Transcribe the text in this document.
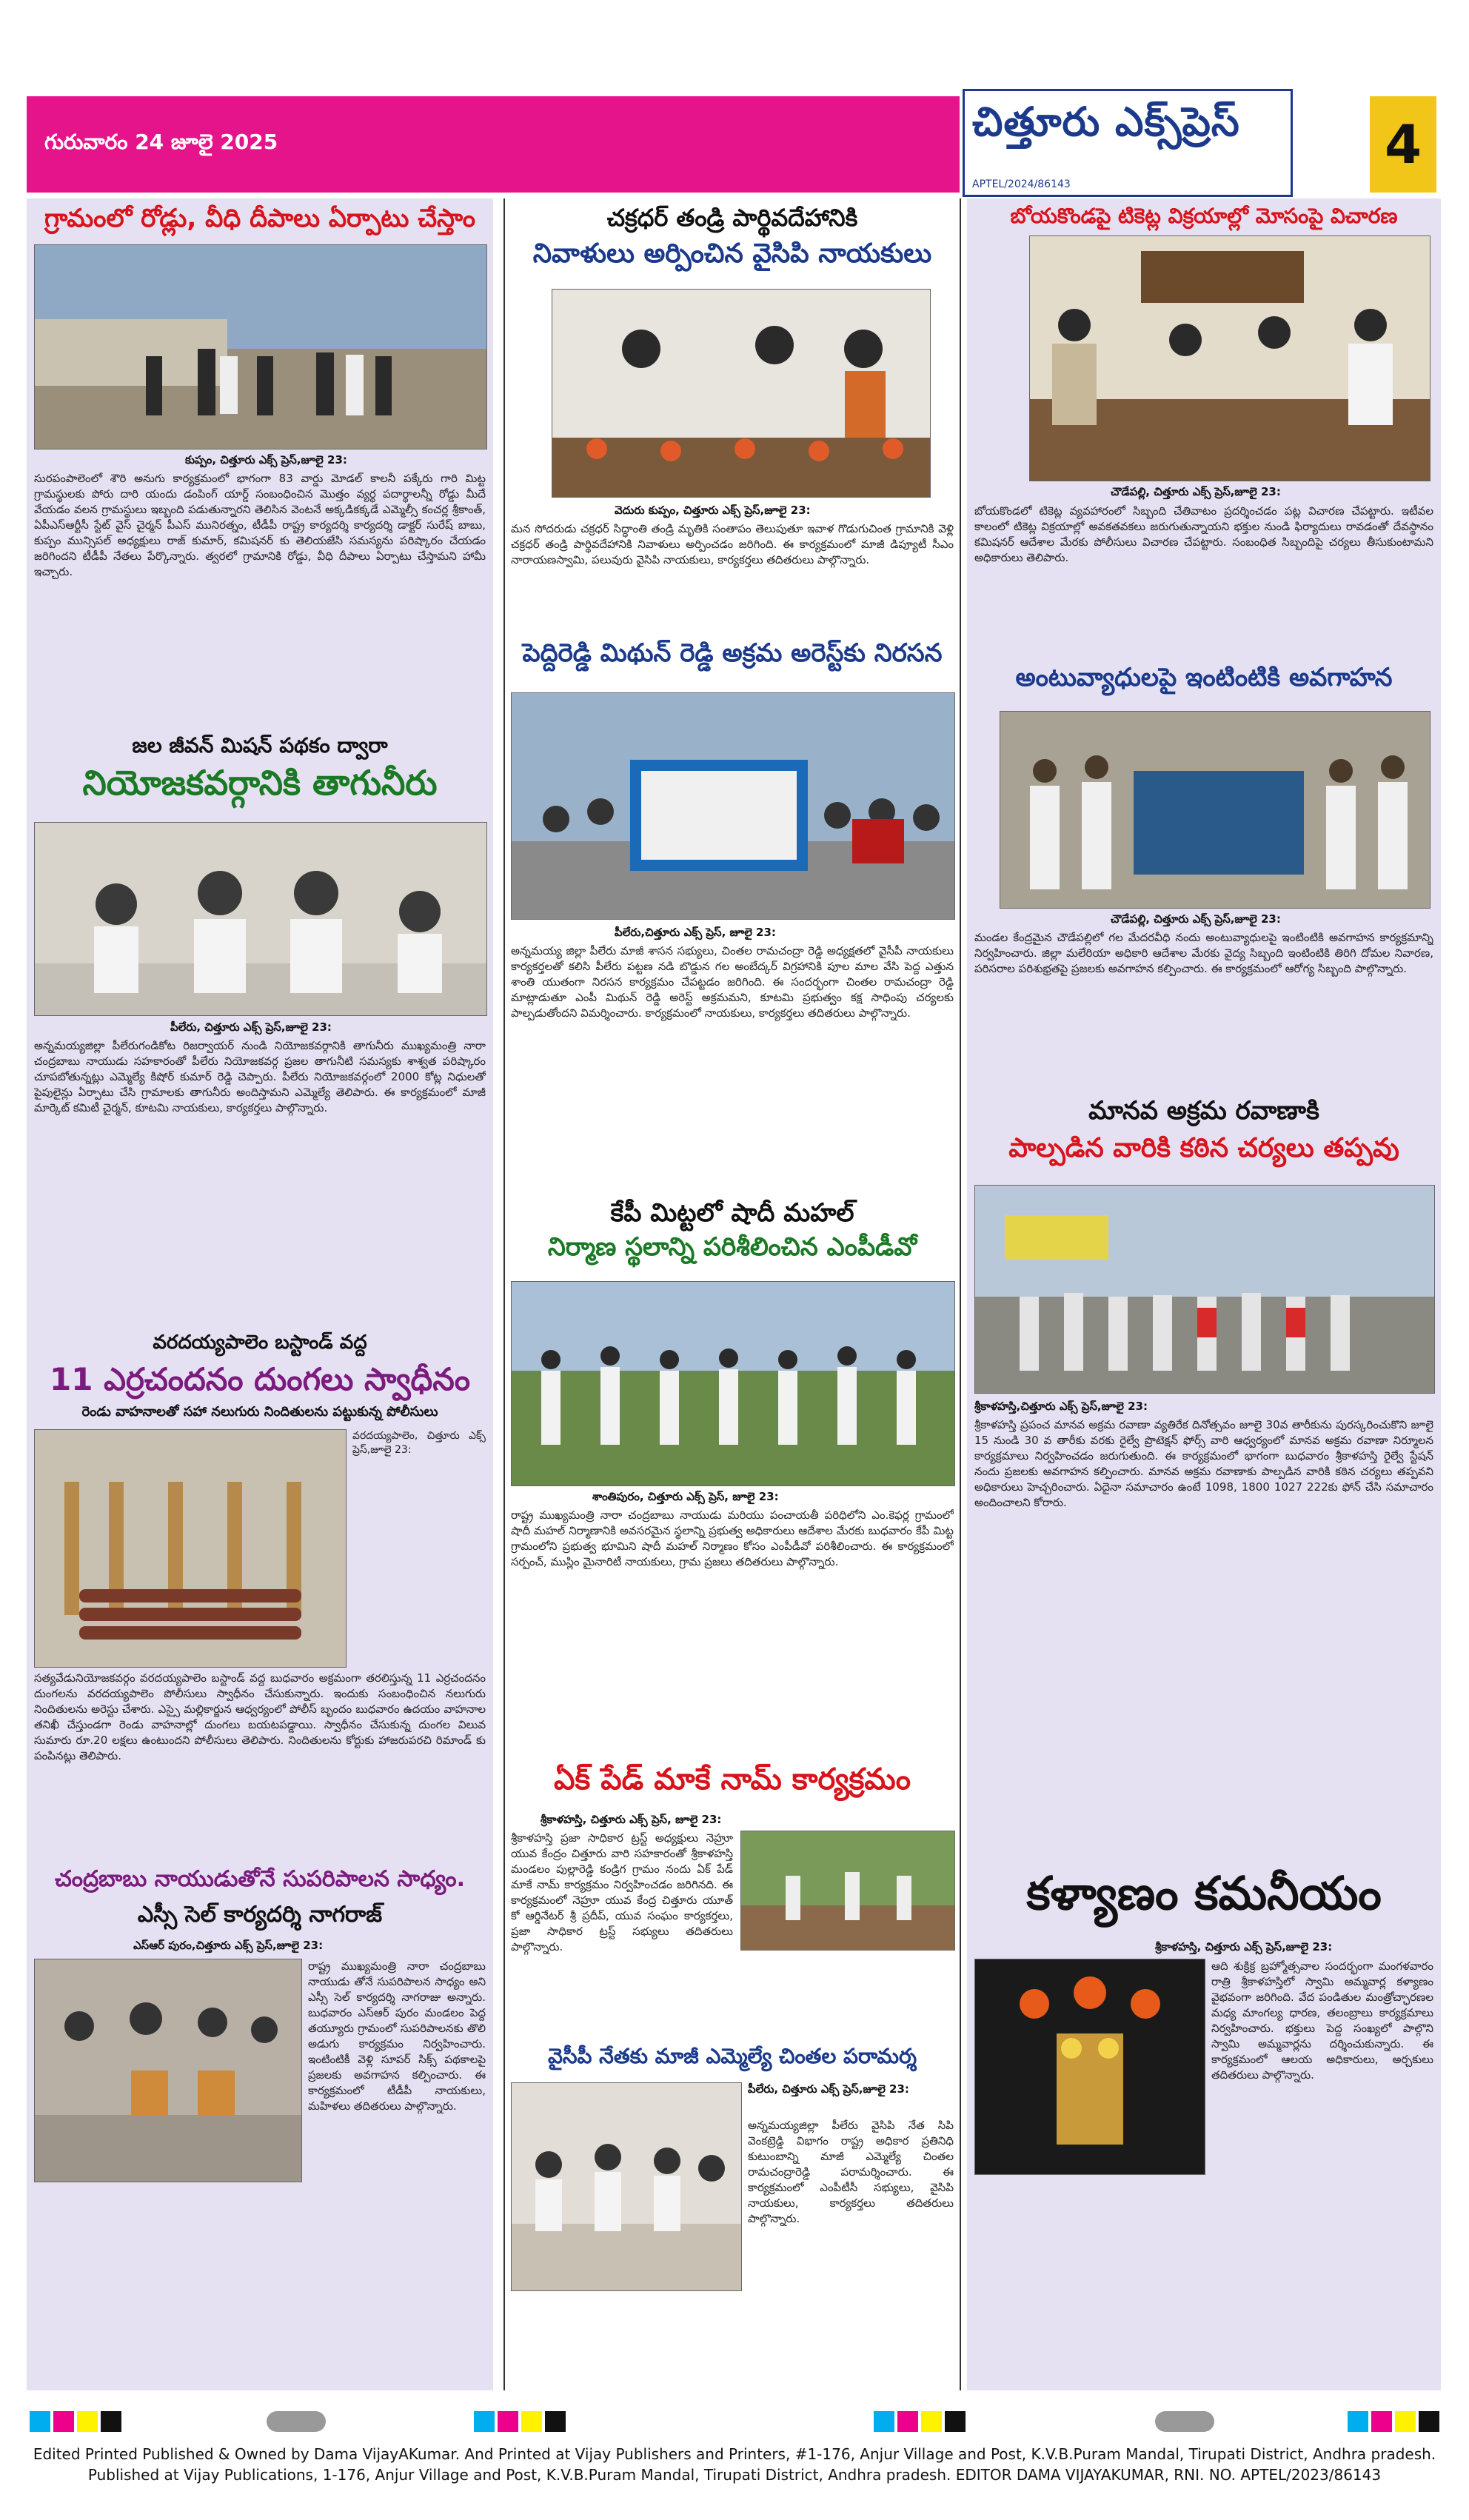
గురువారం 24 జూలై 2025	చిత్తూరు ఎక్స్‌ప్రెస్
APTEL/2024/86143
4
గ్రామంలో రోడ్లు, వీధి దీపాలు ఏర్పాటు చేస్తాం
కుప్పం, చిత్తూరు ఎక్స్ ప్రెస్,జూలై 23:
సురపంపాలెంలో శౌరి అనుగు కార్యక్రమంలో భాగంగా 83 వార్డు మోడల్ కాలనీ పక్కేరు గారి మిట్ట గ్రామస్థులకు పోరు దారి యందు డంపింగ్ యార్డ్ సంబంధించిన మొత్తం వ్యర్థ పదార్థాలన్నీ రోడ్డు మీదే వేయడం వలన గ్రామస్థులు ఇబ్బంది పడుతున్నారని తెలిసిన వెంటనే అక్కడికక్కడే ఎమ్మెల్సీ కంచర్ల శ్రీకాంత్, ఏపీఎస్ఆర్టీసీ స్టేట్ వైస్ చైర్మన్ పీఎస్ మునిరత్నం, టీడీపీ రాష్ట్ర కార్యదర్శి కార్యదర్శి డాక్టర్ సురేష్ బాబు, కుప్పం మున్సిపల్ అధ్యక్షులు రాజ్ కుమార్, కమిషనర్ కు తెలియజేసి సమస్యను పరిష్కారం చేయడం జరిగిందని టీడీపీ నేతలు పేర్కొన్నారు. త్వరలో గ్రామానికి రోడ్డు, వీధి దీపాలు ఏర్పాటు చేస్తామని హామీ ఇచ్చారు.
జల జీవన్ మిషన్ పథకం ద్వారా
నియోజకవర్గానికి తాగునీరు
పీలేరు, చిత్తూరు ఎక్స్ ప్రెస్,జూలై 23:
అన్నమయ్యజిల్లా పీలేరుగండికోట రిజర్వాయర్ నుండి నియోజకవర్గానికి తాగునీరు ముఖ్యమంత్రి నారా చంద్రబాబు నాయుడు సహకారంతో పీలేరు నియోజకవర్గ ప్రజల తాగునీటి సమస్యకు శాశ్వత పరిష్కారం చూపబోతున్నట్లు ఎమ్మెల్యే కిషోర్ కుమార్ రెడ్డి చెప్పారు. పీలేరు నియోజకవర్గంలో 2000 కోట్ల నిధులతో పైపులైన్లు ఏర్పాటు చేసి గ్రామాలకు తాగునీరు అందిస్తామని ఎమ్మెల్యే తెలిపారు. ఈ కార్యక్రమంలో మాజీ మార్కెట్ కమిటీ చైర్మన్, కూటమి నాయకులు, కార్యకర్తలు పాల్గొన్నారు.
వరదయ్యపాలెం బస్టాండ్ వద్ద
11 ఎర్రచందనం దుంగలు స్వాధీనం
రెండు వాహనాలతో సహా నలుగురు నిందితులను పట్టుకున్న పోలీసులు
వరదయ్యపాలెం, చిత్తూరు ఎక్స్ ప్రెస్,జూలై 23:
సత్యవేడునియోజకవర్గం వరదయ్యపాలెం బస్టాండ్ వద్ద బుధవారం అక్రమంగా తరలిస్తున్న 11 ఎర్రచందనం దుంగలను వరదయ్యపాలెం పోలీసులు స్వాధీనం చేసుకున్నారు. ఇందుకు సంబంధించిన నలుగురు నిందితులను అరెస్టు చేశారు. ఎస్సై మల్లికార్జున ఆధ్వర్యంలో పోలీస్ బృందం బుధవారం ఉదయం వాహనాల తనిఖీ చేస్తుండగా రెండు వాహనాల్లో దుంగలు బయటపడ్డాయి. స్వాధీనం చేసుకున్న దుంగల విలువ సుమారు రూ.20 లక్షలు ఉంటుందని పోలీసులు తెలిపారు. నిందితులను కోర్టుకు హాజరుపరచి రిమాండ్ కు పంపినట్లు తెలిపారు.
చంద్రబాబు నాయుడుతోనే సుపరిపాలన సాధ్యం.
ఎస్సీ సెల్ కార్యదర్శి నాగరాజ్
ఎస్ఆర్ పురం,చిత్తూరు ఎక్స్ ప్రెస్,జూలై 23:
రాష్ట్ర ముఖ్యమంత్రి నారా చంద్రబాబు నాయుడు తోనే సుపరిపాలన సాధ్యం అని ఎస్సీ సెల్ కార్యదర్శి నాగరాజు అన్నారు. బుధవారం ఎస్ఆర్ పురం మండలం పెద్ద తయ్యూరు గ్రామంలో సుపరిపాలనకు తొలి అడుగు కార్యక్రమం నిర్వహించారు. ఇంటింటికీ వెళ్లి సూపర్ సిక్స్ పథకాలపై ప్రజలకు అవగాహన కల్పించారు. ఈ కార్యక్రమంలో టీడీపీ నాయకులు, మహిళలు తదితరులు పాల్గొన్నారు.
చక్రధర్ తండ్రి పార్థివదేహానికి
నివాళులు అర్పించిన వైసిపి నాయకులు
వెదురు కుప్పం, చిత్తూరు ఎక్స్ ప్రెస్,జూలై 23:
మన సోదరుడు చక్రధర్ సిద్ధాంతి తండ్రి మృతికి సంతాపం తెలుపుతూ ఇవాళ గొడుగుచింత గ్రామానికి వెళ్లి చక్రధర్ తండ్రి పార్థివదేహానికి నివాళులు అర్పించడం జరిగింది. ఈ కార్యక్రమంలో మాజీ డిప్యూటీ సీఎం నారాయణస్వామి, పలువురు వైసిపి నాయకులు, కార్యకర్తలు తదితరులు పాల్గొన్నారు.
పెద్దిరెడ్డి మిథున్ రెడ్డి అక్రమ అరెస్ట్‌కు నిరసన
పీలేరు,చిత్తూరు ఎక్స్ ప్రెస్, జూలై 23:
అన్నమయ్య జిల్లా పీలేరు మాజీ శాసన సభ్యులు, చింతల రామచంద్రా రెడ్డి అధ్యక్షతలో వైసీపీ నాయకులు కార్యకర్తలతో కలిసి పీలేరు పట్టణ నడి బొడ్డున గల అంబేద్కర్ విగ్రహానికి పూల మాల వేసి పెద్ద ఎత్తున శాంతి యుతంగా నిరసన కార్యక్రమం చేపట్టడం జరిగింది. ఈ సందర్భంగా చింతల రామచంద్రా రెడ్డి మాట్లాడుతూ ఎంపీ మిథున్ రెడ్డి అరెస్ట్ అక్రమమని, కూటమి ప్రభుత్వం కక్ష సాధింపు చర్యలకు పాల్పడుతోందని విమర్శించారు. కార్యక్రమంలో నాయకులు, కార్యకర్తలు తదితరులు పాల్గొన్నారు.
కేపీ మిట్టలో షాదీ మహల్
నిర్మాణ స్థలాన్ని పరిశీలించిన ఎంపీడీవో
శాంతిపురం, చిత్తూరు ఎక్స్ ప్రెస్, జూలై 23:
రాష్ట్ర ముఖ్యమంత్రి నారా చంద్రబాబు నాయుడు మరియు పంచాయతీ పరిధిలోని ఎం.కెఫర్ల గ్రామంలో షాదీ మహల్ నిర్మాణానికి అవసరమైన స్థలాన్ని ప్రభుత్వ అధికారులు ఆదేశాల మేరకు బుధవారం కేపీ మిట్ట గ్రామంలోని ప్రభుత్వ భూమిని షాదీ మహల్ నిర్మాణం కోసం ఎంపీడీవో పరిశీలించారు. ఈ కార్యక్రమంలో సర్పంచ్, ముస్లిం మైనారిటీ నాయకులు, గ్రామ ప్రజలు తదితరులు పాల్గొన్నారు.
ఏక్ పేడ్ మాకే నామ్ కార్యక్రమం
శ్రీకాళహస్తి, చిత్తూరు ఎక్స్ ప్రెస్, జూలై 23:
శ్రీకాళహస్తి ప్రజా సాధికార ట్రస్ట్ అధ్యక్షులు నెహ్రూ యువ కేంద్రం చిత్తూరు వారి సహకారంతో శ్రీకాళహస్తి మండలం పుల్లారెడ్డి కండ్రిగ గ్రామం నందు ఏక్ పేడ్ మాకే నామ్ కార్యక్రమం నిర్వహించడం జరిగినది. ఈ కార్యక్రమంలో నెహ్రూ యువ కేంద్ర చిత్తూరు యూత్ కో ఆర్డినేటర్ శ్రీ ప్రదీప్, యువ సంఘం కార్యకర్తలు, ప్రజా సాధికార ట్రస్ట్ సభ్యులు తదితరులు పాల్గొన్నారు.
వైసీపీ నేతకు మాజీ ఎమ్మెల్యే చింతల పరామర్శ
పీలేరు, చిత్తూరు ఎక్స్ ప్రెస్,జూలై 23:
అన్నమయ్యజిల్లా పీలేరు వైసిపి నేత సిపి వెంకట్రెడ్డి విభాగం రాష్ట్ర అధికార ప్రతినిధి కుటుంబాన్ని మాజీ ఎమ్మెల్యే చింతల రామచంద్రారెడ్డి పరామర్శించారు. ఈ కార్యక్రమంలో ఎంపీటీసీ సభ్యులు, వైసిపి నాయకులు, కార్యకర్తలు తదితరులు పాల్గొన్నారు.
బోయకొండపై టికెట్ల విక్రయాల్లో మోసంపై విచారణ
చౌడేపల్లి, చిత్తూరు ఎక్స్ ప్రెస్,జూలై 23:
బోయకొండలో టికెట్ల వ్యవహారంలో సిబ్బంది చేతివాటం ప్రదర్శించడం పట్ల విచారణ చేపట్టారు. ఇటీవల కాలంలో టికెట్ల విక్రయాల్లో అవకతవకలు జరుగుతున్నాయని భక్తుల నుండి ఫిర్యాదులు రావడంతో దేవస్థానం కమిషనర్ ఆదేశాల మేరకు పోలీసులు విచారణ చేపట్టారు. సంబంధిత సిబ్బందిపై చర్యలు తీసుకుంటామని అధికారులు తెలిపారు.
అంటువ్యాధులపై ఇంటింటికి అవగాహన
చౌడేపల్లి, చిత్తూరు ఎక్స్ ప్రెస్,జూలై 23:
మండల కేంద్రమైన చౌడేపల్లిలో గల మేదరవీధి నందు అంటువ్యాధులపై ఇంటింటికి అవగాహన కార్యక్రమాన్ని నిర్వహించారు. జిల్లా మలేరియా అధికారి ఆదేశాల మేరకు వైద్య సిబ్బంది ఇంటింటికి తిరిగి దోమల నివారణ, పరిసరాల పరిశుభ్రతపై ప్రజలకు అవగాహన కల్పించారు. ఈ కార్యక్రమంలో ఆరోగ్య సిబ్బంది పాల్గొన్నారు.
మానవ అక్రమ రవాణాకి
పాల్పడిన వారికి కఠిన చర్యలు తప్పవు
శ్రీకాళహస్తి,చిత్తూరు ఎక్స్ ప్రెస్,జూలై 23:
శ్రీకాళహస్తి ప్రపంచ మానవ అక్రమ రవాణా వ్యతిరేక దినోత్సవం జూలై 30వ తారీకును పురస్కరించుకొని జూలై 15 నుండి 30 వ తారీకు వరకు రైల్వే ప్రొటెక్షన్ ఫోర్స్ వారి ఆధ్వర్యంలో మానవ అక్రమ రవాణా నిర్మూలన కార్యక్రమాలు నిర్వహించడం జరుగుతుంది. ఈ కార్యక్రమంలో భాగంగా బుధవారం శ్రీకాళహస్తి రైల్వే స్టేషన్ నందు ప్రజలకు అవగాహన కల్పించారు. మానవ అక్రమ రవాణాకు పాల్పడిన వారికి కఠిన చర్యలు తప్పవని అధికారులు హెచ్చరించారు. ఏదైనా సమాచారం ఉంటే 1098, 1800 1027 222కు ఫోన్ చేసి సమాచారం అందించాలని కోరారు.
కళ్యాణం కమనీయం
శ్రీకాళహస్తి, చిత్తూరు ఎక్స్ ప్రెస్,జూలై 23:
ఆది శుక్రిక్ర బ్రహ్మోత్సవాల సందర్భంగా మంగళవారం రాత్రి శ్రీకాళహస్తిలో స్వామి అమ్మవార్ల కళ్యాణం వైభవంగా జరిగింది. వేద పండితుల మంత్రోచ్ఛారణల మధ్య మాంగల్య ధారణ, తలంబ్రాలు కార్యక్రమాలు నిర్వహించారు. భక్తులు పెద్ద సంఖ్యలో పాల్గొని స్వామి అమ్మవార్లను దర్శించుకున్నారు. ఈ కార్యక్రమంలో ఆలయ అధికారులు, అర్చకులు తదితరులు పాల్గొన్నారు.
Edited Printed Published & Owned by Dama VijayAKumar. And Printed at Vijay Publishers and Printers, #1-176, Anjur Village and Post, K.V.B.Puram Mandal, Tirupati District, Andhra pradesh.
Published at Vijay Publications, 1-176, Anjur Village and Post, K.V.B.Puram Mandal, Tirupati District, Andhra pradesh. EDITOR DAMA VIJAYAKUMAR, RNI. NO. APTEL/2023/86143
